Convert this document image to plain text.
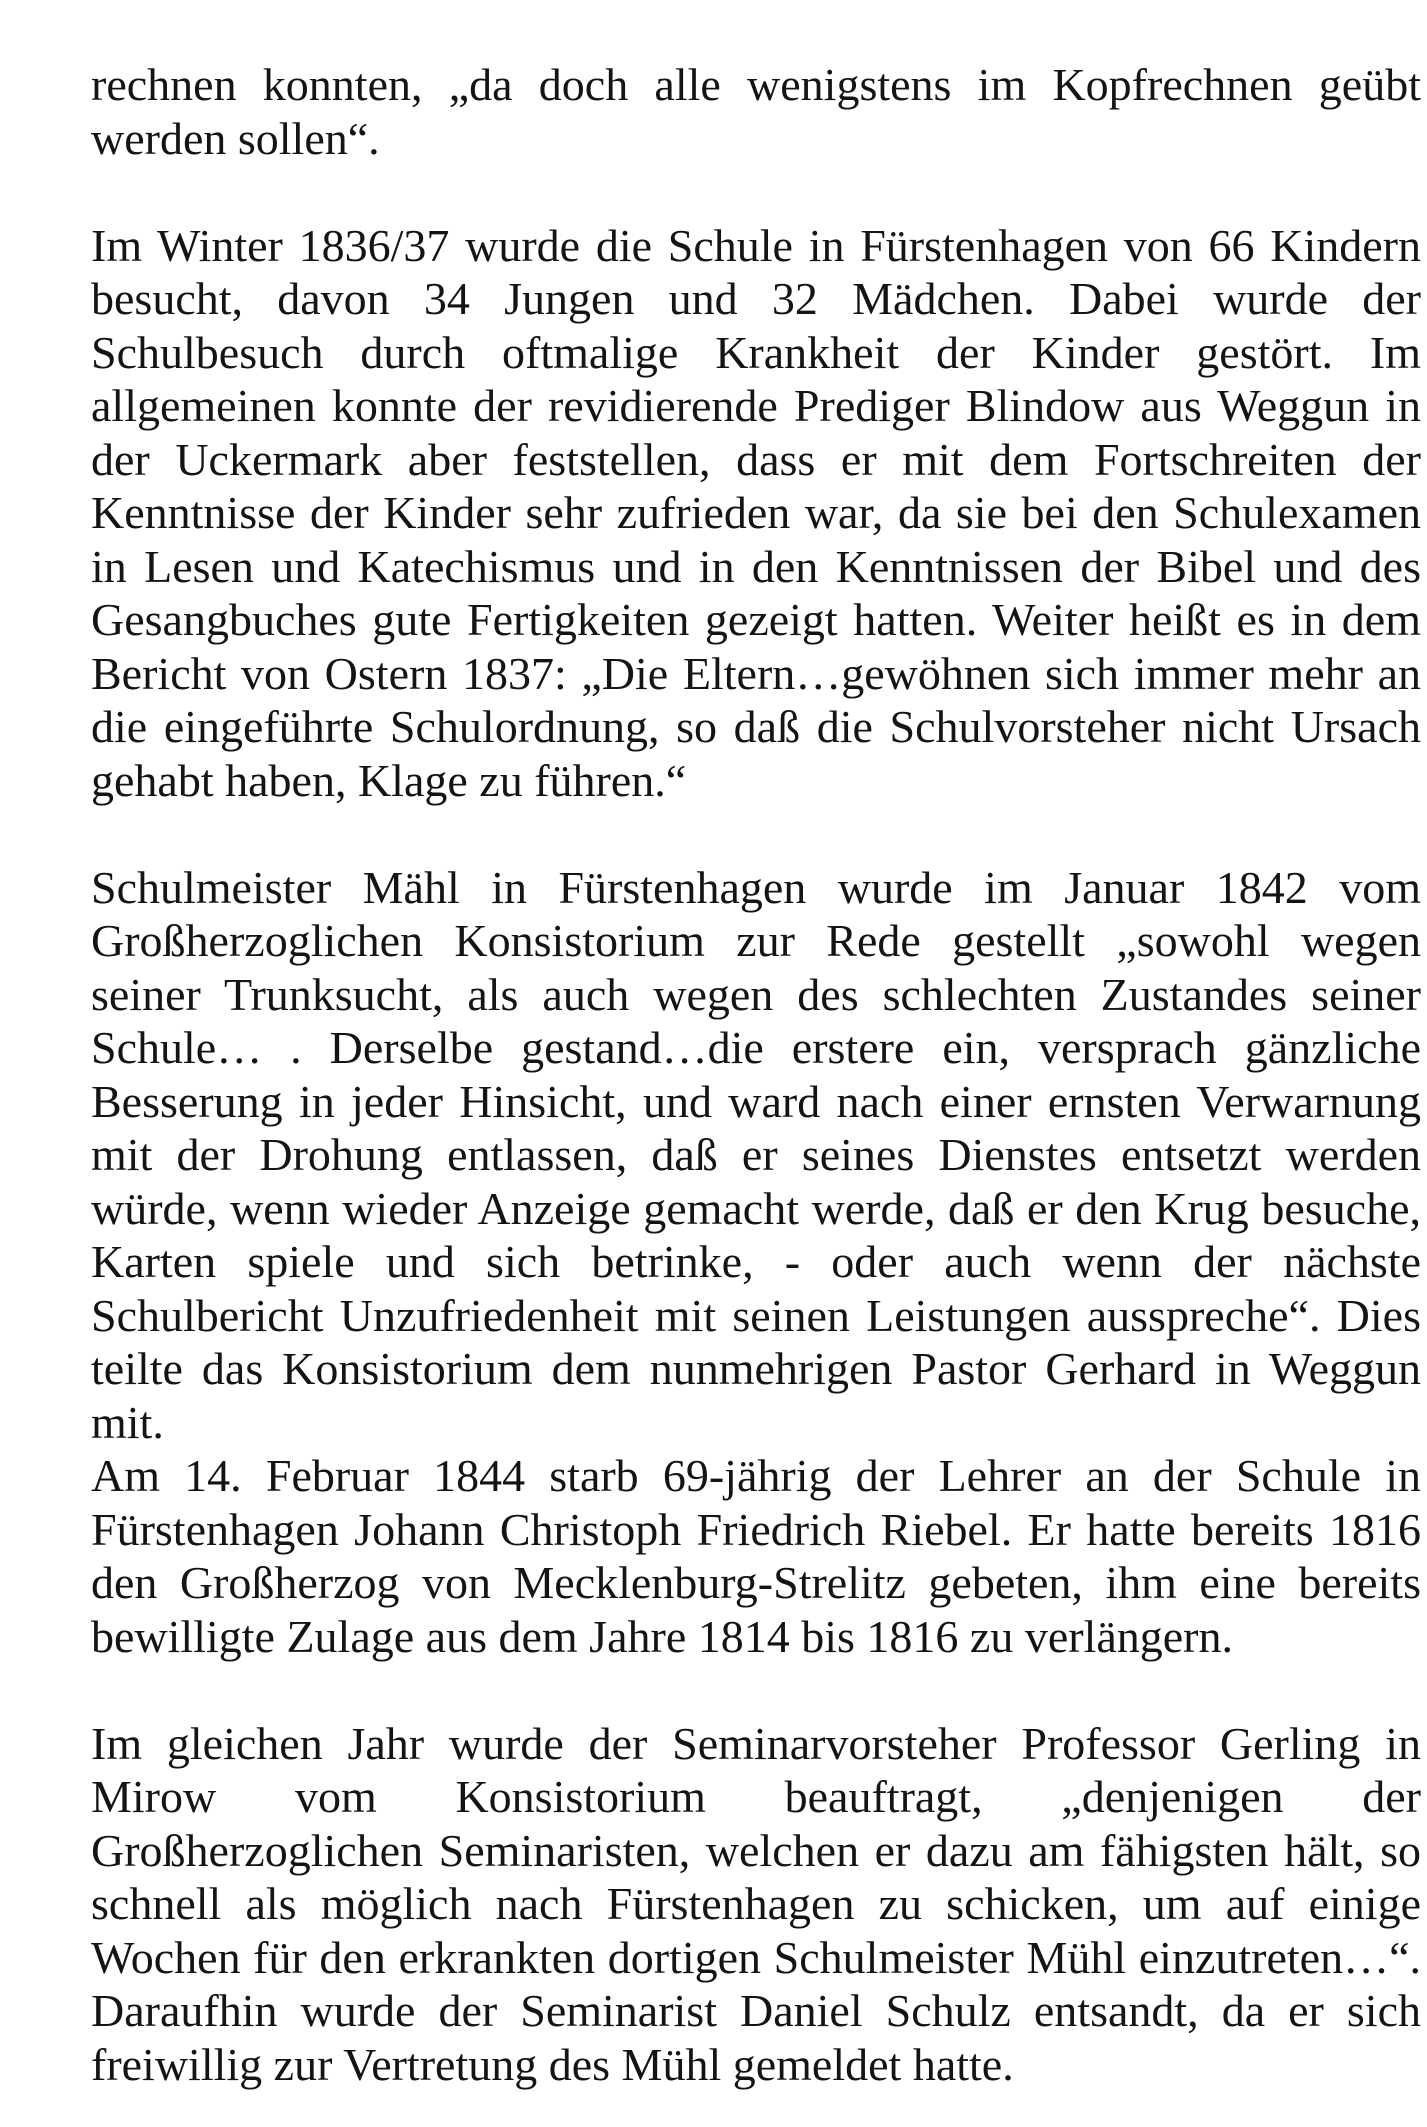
rechnen konnten, „da doch alle wenigstens im Kopfrechnen geübt werden sollen“.

Im Winter 1836/37 wurde die Schule in Fürstenhagen von 66 Kindern besucht, davon 34 Jungen und 32 Mädchen. Dabei wurde der Schulbesuch durch oftmalige Krankheit der Kinder gestört. Im allgemeinen konnte der revidierende Prediger Blindow aus Weggun in der Uckermark aber feststellen, dass er mit dem Fortschreiten der Kenntnisse der Kinder sehr zufrieden war, da sie bei den Schulexamen in Lesen und Katechismus und in den Kenntnissen der Bibel und des Gesangbuches gute Fertigkeiten gezeigt hatten. Weiter heißt es in dem Bericht von Ostern 1837: „Die Eltern…gewöhnen sich immer mehr an die eingeführte Schulordnung, so daß die Schulvorsteher nicht Ursach gehabt haben, Klage zu führen.“

Schulmeister Mähl in Fürstenhagen wurde im Januar 1842 vom Großherzoglichen Konsistorium zur Rede gestellt „sowohl wegen seiner Trunksucht, als auch wegen des schlechten Zustandes seiner Schule… . Derselbe gestand…die erstere ein, versprach gänzliche Besserung in jeder Hinsicht, und ward nach einer ernsten Verwarnung mit der Drohung entlassen, daß er seines Dienstes entsetzt werden würde, wenn wieder Anzeige gemacht werde, daß er den Krug besuche, Karten spiele und sich betrinke, - oder auch wenn der nächste Schulbericht Unzufriedenheit mit seinen Leistungen ausspreche“. Dies teilte das Konsistorium dem nunmehrigen Pastor Gerhard in Weggun mit.

Am 14. Februar 1844 starb 69-jährig der Lehrer an der Schule in Fürstenhagen Johann Christoph Friedrich Riebel. Er hatte bereits 1816 den Großherzog von Mecklenburg-Strelitz gebeten, ihm eine bereits bewilligte Zulage aus dem Jahre 1814 bis 1816 zu verlängern.

Im gleichen Jahr wurde der Seminarvorsteher Professor Gerling in Mirow vom Konsistorium beauftragt, „denjenigen der Großherzoglichen Seminaristen, welchen er dazu am fähigsten hält, so schnell als möglich nach Fürstenhagen zu schicken, um auf einige Wochen für den erkrankten dortigen Schulmeister Mühl einzutreten…“. Daraufhin wurde der Seminarist Daniel Schulz entsandt, da er sich freiwillig zur Vertretung des Mühl gemeldet hatte.
